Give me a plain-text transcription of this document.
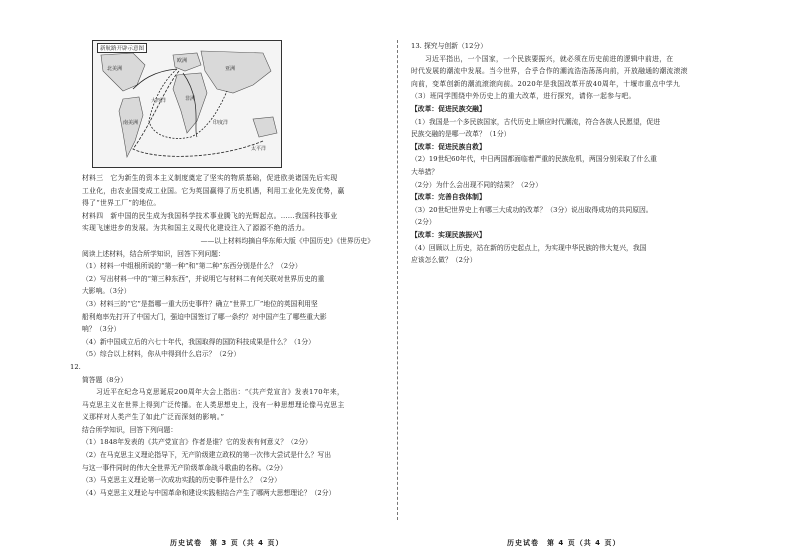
新航路开辟示意图
北美洲
欧洲
亚洲
非洲
大西洋
南美洲	印度洋
太平洋
材料三　它为新生的资本主义制度奠定了坚实的物质基础，促进欧美诸国先后实现
工业化，由农业国变成工业国。它为英国赢得了历史机遇，利用工业化先发优势，赢
得了“世界工厂”的地位。
材料四　新中国的民生成为我国科学技术事业腾飞的光辉起点。……我国科技事业
实现飞速进步的发展。为共和国主义现代化建设注入了源源不绝的活力。
——以上材料均摘自华东师大版《中国历史》《世界历史》
阅读上述材料，结合所学知识，回答下列问题：
（1）材料一中组根所说的“第一种”和“第二种”东西分别是什么？（2分）
（2）写出材料一中的“第三种东西”，并说明它与材料二有何关联对世界历史的重
大影响。（3分）
（3）材料三的“它”是指哪一重大历史事件？确立“世界工厂”地位的英国利用坚
船利炮率先打开了中国大门，强迫中国签订了哪一条约？对中国产生了哪些重大影
响？（3分）
（4）新中国成立后的六七十年代，我国取得的国防科技成果是什么？（1分）
（5）综合以上材料，你从中得到什么启示？（2分）
12.
简答题（8分）
习近平在纪念马克思诞辰200周年大会上指出：“《共产党宣言》发表170年来，
马克思主义在世界上得到广泛传播。在人类思想史上，没有一种思想理论像马克思主
义那样对人类产生了如此广泛而深刻的影响。”
结合所学知识，回答下列问题：
（1）1848年发表的《共产党宣言》作者是谁？它的发表有何意义？（2分）
（2）在马克思主义理论指导下，无产阶级建立政权的第一次伟大尝试是什么？写出
与这一事件同时的伟大全世界无产阶级革命战斗歌曲的名称。（2分）
（3）马克思主义理论第一次成功实践的历史事件是什么？（2分）
（4）马克思主义理论与中国革命和建设实践相结合产生了哪两大思想理论？（2分）
历史试卷　第 3 页（共 4 页）
13. 探究与创新（12分）
习近平指出，一个国家，一个民族要振兴，就必须在历史前进的逻辑中前进，在
时代发展的潮流中发展。当今世界，合乎合作的潮流浩浩荡荡向前，开放融通的潮流滚滚
向前，变革创新的潮流滚滚向前。2020年是我国改革开放40周年，十堰市重点中学九
（3）班同学围绕中外历史上的重大改革，进行探究，请你一起参与吧。
【改革：促进民族交融】
（1）我国是一个多民族国家，古代历史上顺应时代潮流，符合各族人民愿望，促进
民族交融的是哪一改革？（1分）
【改革：促进民族自救】
（2）19世纪60年代，中日两国都面临着严重的民族危机，两国分别采取了什么重
大举措？
（2分）为什么会出现不同的结果？（2分）
【改革：完善自我体制】
（3）20世纪世界史上有哪三大成功的改革？（3分）说出取得成功的共同原因。
（2分）
【改革：实现民族振兴】
（4）回顾以上历史，站在新的历史起点上，为实现中华民族的伟大复兴，我国
应该怎么做？（2分）
历史试卷　第 4 页（共 4 页）
